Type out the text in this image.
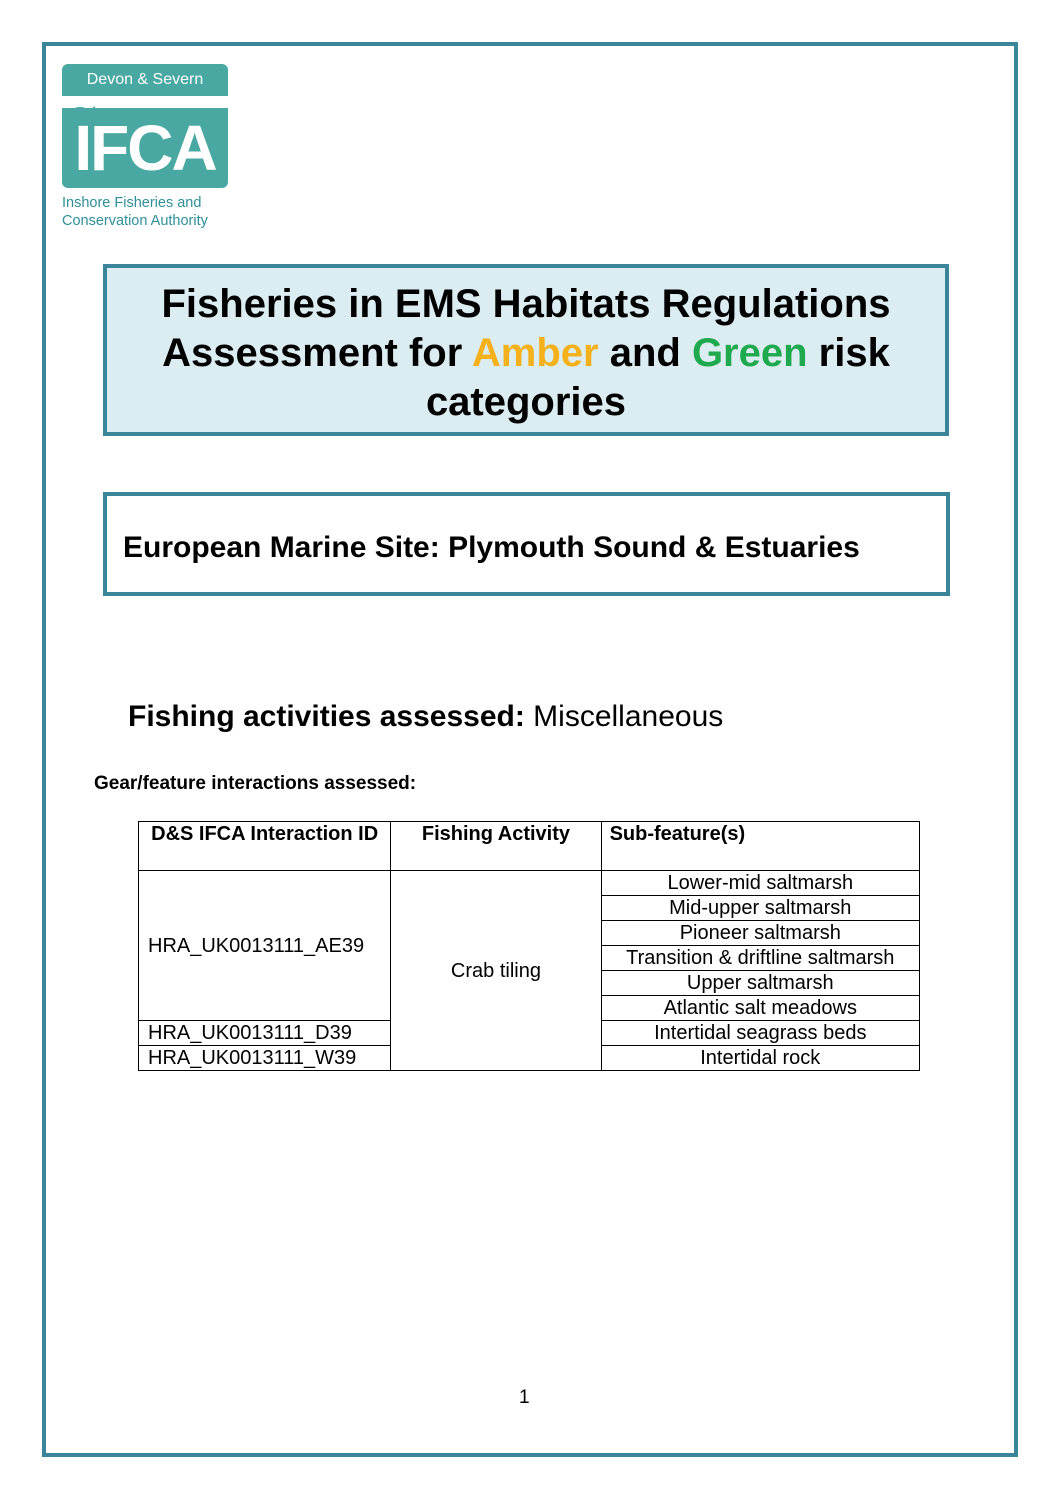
Devon & Severn
IFCA
Inshore Fisheries and
Conservation Authority
Fisheries in EMS Habitats Regulations Assessment for Amber and Green risk categories
European Marine Site: Plymouth Sound & Estuaries
Fishing activities assessed: Miscellaneous
Gear/feature interactions assessed:
D&S IFCA Interaction ID	Fishing Activity	Sub-feature(s)
HRA_UK0013111_AE39	Crab tiling	Lower-mid saltmarsh
		Mid-upper saltmarsh
		Pioneer saltmarsh
		Transition & driftline saltmarsh
		Upper saltmarsh
		Atlantic salt meadows
HRA_UK0013111_D39		Intertidal seagrass beds
HRA_UK0013111_W39		Intertidal rock
1
